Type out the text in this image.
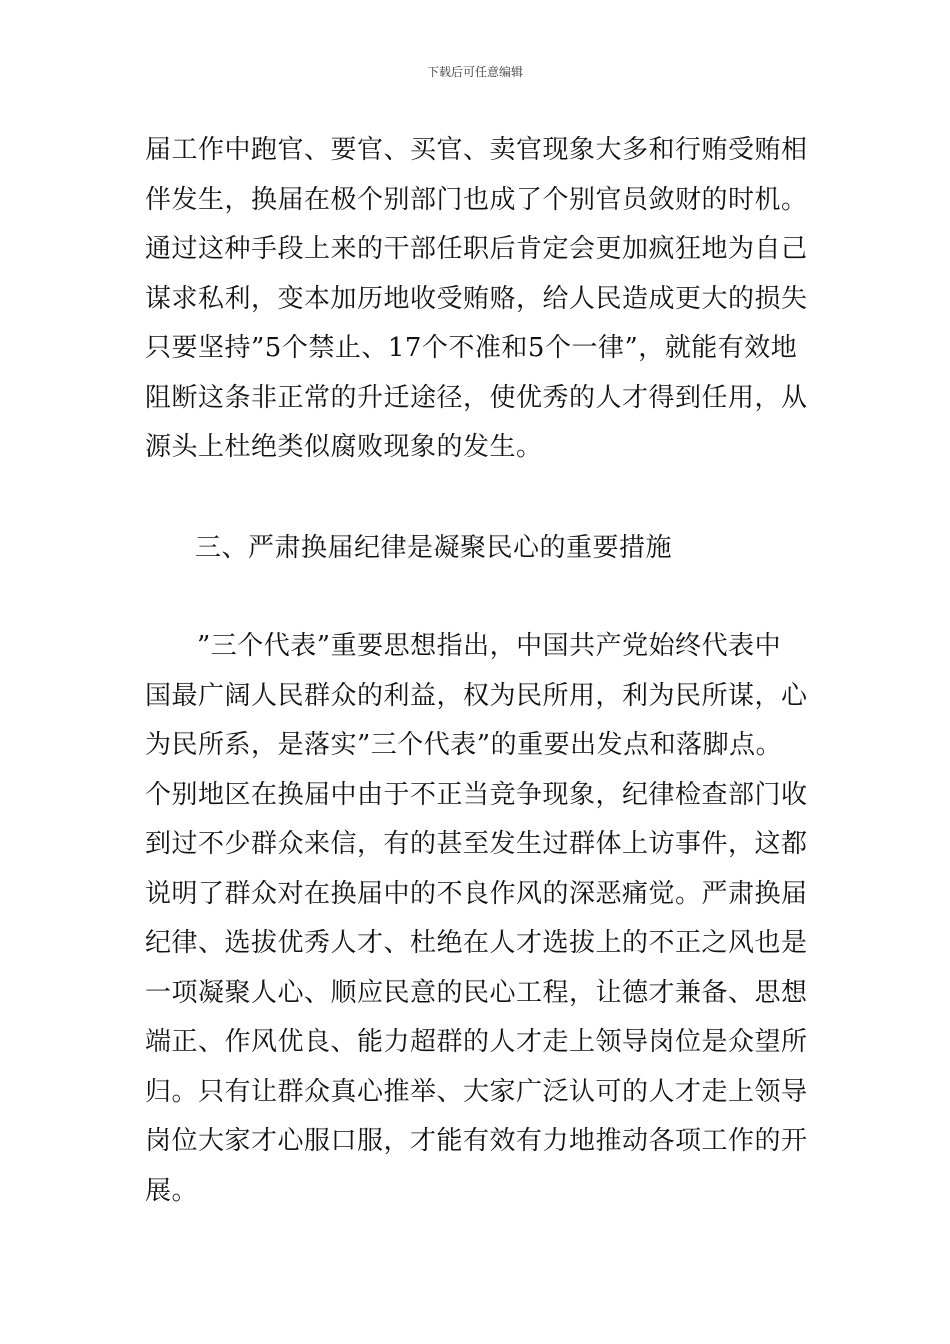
下载后可任意编辑
届工作中跑官、要官、买官、卖官现象大多和行贿受贿相
伴发生，换届在极个别部门也成了个别官员敛财的时机。
通过这种手段上来的干部任职后肯定会更加疯狂地为自己
谋求私利，变本加历地收受贿赂，给人民造成更大的损失
只要坚持”5个禁止、17个不准和5个一律”，就能有效地
阻断这条非正常的升迁途径，使优秀的人才得到任用，从
源头上杜绝类似腐败现象的发生。
三、严肃换届纪律是凝聚民心的重要措施
”三个代表”重要思想指出，中国共产党始终代表中
国最广阔人民群众的利益，权为民所用，利为民所谋，心
为民所系，是落实”三个代表”的重要出发点和落脚点。
个别地区在换届中由于不正当竞争现象，纪律检查部门收
到过不少群众来信，有的甚至发生过群体上访事件，这都
说明了群众对在换届中的不良作风的深恶痛觉。严肃换届
纪律、选拔优秀人才、杜绝在人才选拔上的不正之风也是
一项凝聚人心、顺应民意的民心工程，让德才兼备、思想
端正、作风优良、能力超群的人才走上领导岗位是众望所
归。只有让群众真心推举、大家广泛认可的人才走上领导
岗位大家才心服口服，才能有效有力地推动各项工作的开
展。
